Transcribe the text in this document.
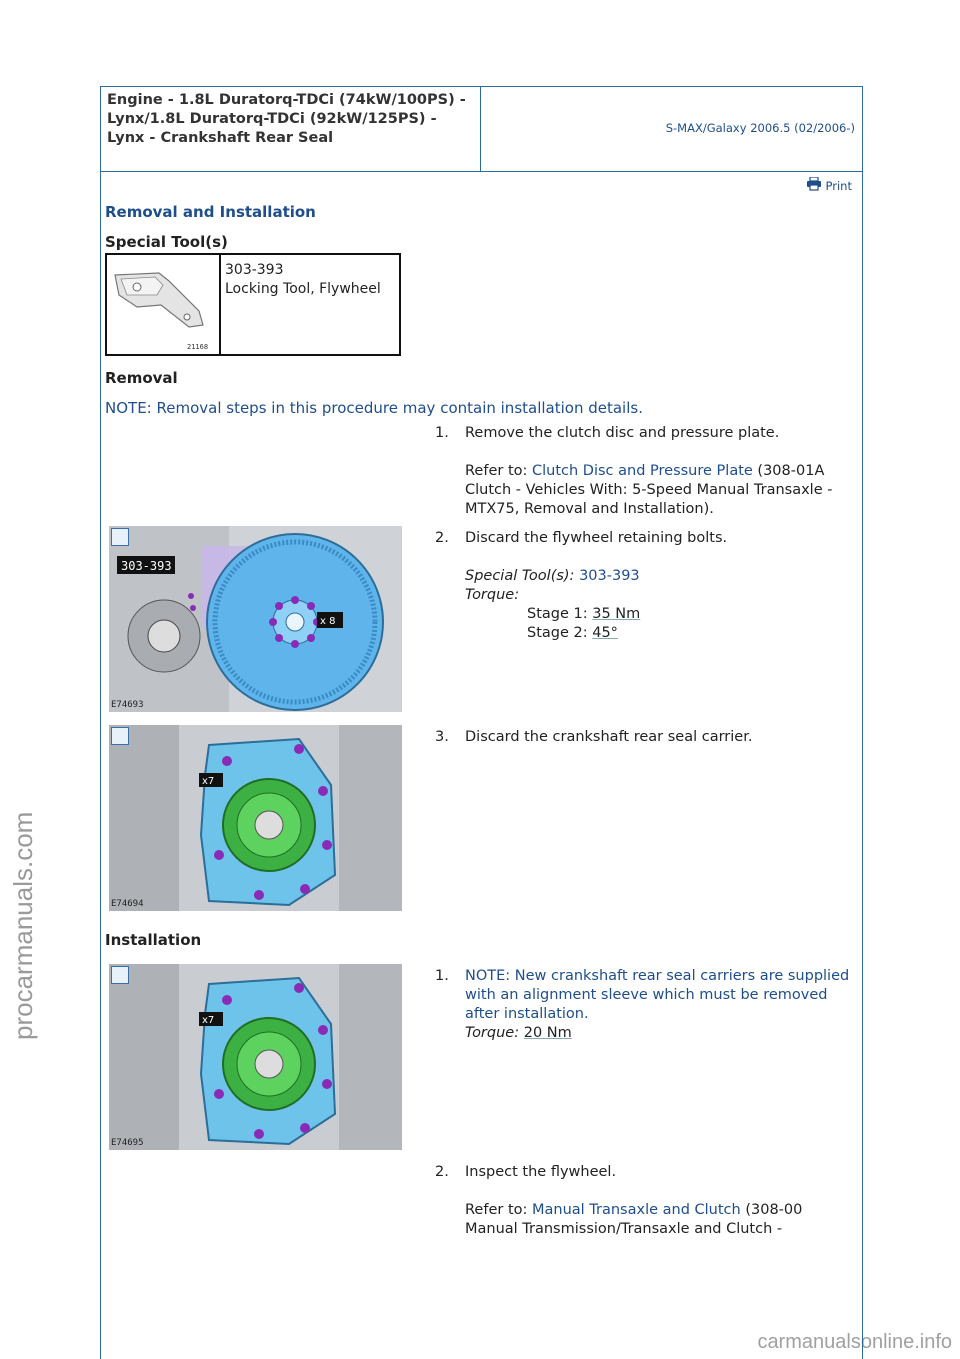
procarmanuals.com
carmanualsonline.info
Engine - 1.8L Duratorq-TDCi (74kW/100PS) - Lynx/1.8L Duratorq-TDCi (92kW/125PS) - Lynx - Crankshaft Rear Seal
S-MAX/Galaxy 2006.5 (02/2006-)
Print
Removal and Installation
Special Tool(s)
21168
303-393
Locking Tool, Flywheel
Removal
NOTE: Removal steps in this procedure may contain installation details.
1. Remove the clutch disc and pressure plate.
Refer to: Clutch Disc and Pressure Plate (308-01A Clutch - Vehicles With: 5-Speed Manual Transaxle - MTX75, Removal and Installation).
303-393
x 8
E74693
2. Discard the flywheel retaining bolts.
Special Tool(s): 303-393
Torque:
Stage 1: 35 Nm
Stage 2: 45°
x7
E74694
3. Discard the crankshaft rear seal carrier.
Installation
x7
E74695
1. NOTE: New crankshaft rear seal carriers are supplied with an alignment sleeve which must be removed after installation.
Torque: 20 Nm
2. Inspect the flywheel.
Refer to: Manual Transaxle and Clutch (308-00 Manual Transmission/Transaxle and Clutch -
